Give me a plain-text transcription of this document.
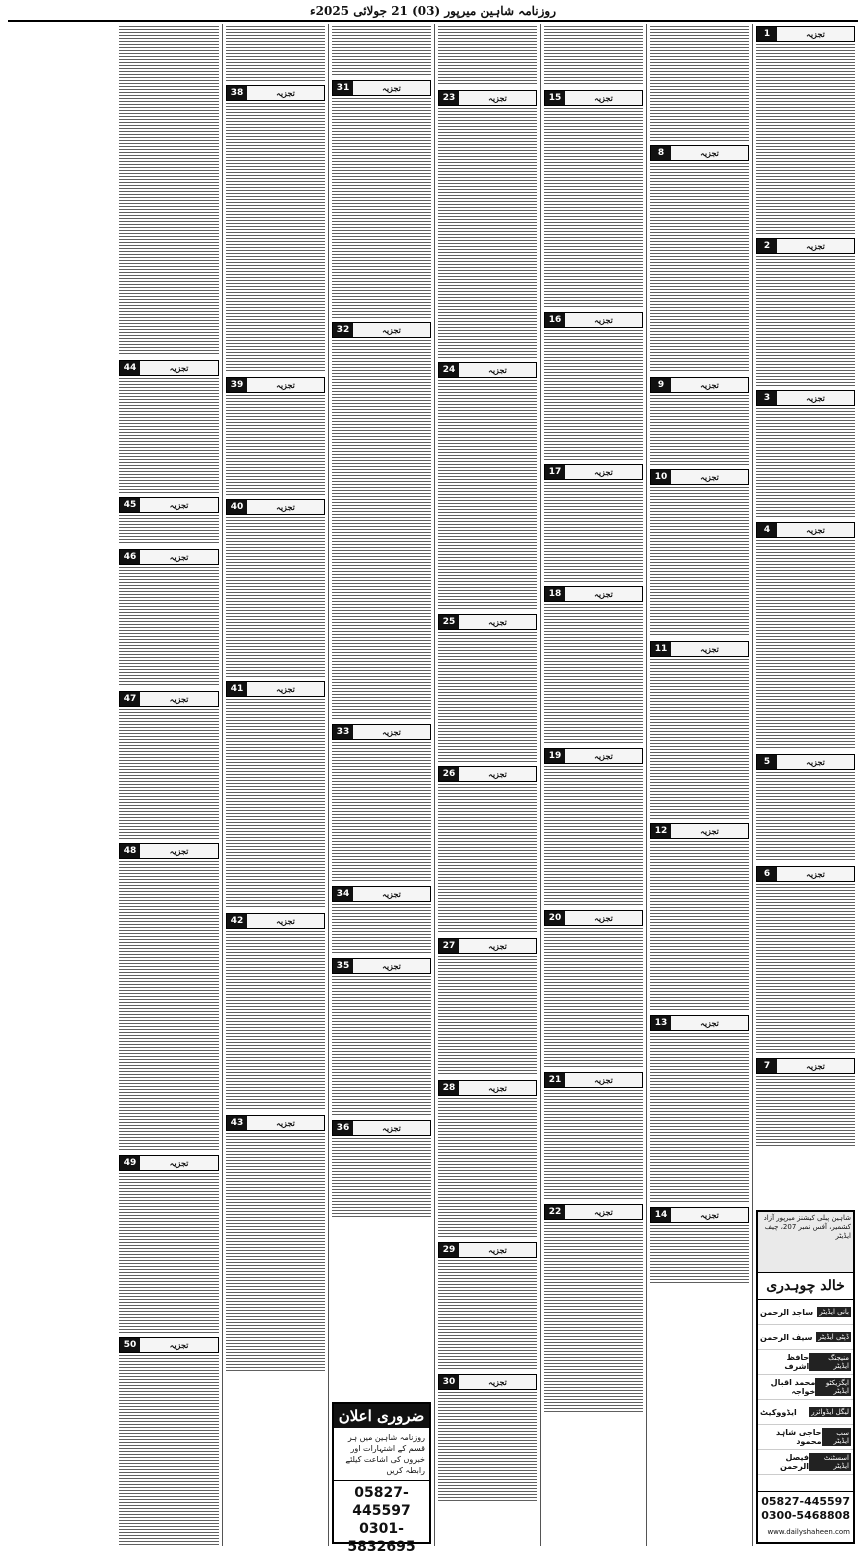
روزنامہ شاہین میرپور (03) 21 جولائی 2025ء
تجزیہ
1
تجزیہ
2
تجزیہ
3
تجزیہ
4
تجزیہ
5
تجزیہ
6
تجزیہ
7
شاہین پبلی کیشنز میرپور آزاد کشمیر، آفس نمبر 207، چیف ایڈیٹر
خالد چوہدری
بانی ایڈیٹر
ساجد الرحمن
ڈپٹی ایڈیٹر
سیف الرحمن
منیجنگ ایڈیٹر
حافظ اشرف
ایگزیکٹو ایڈیٹر
محمد اقبال خواجہ
لیگل ایڈوائزر
ایڈووکیٹ
سب ایڈیٹر
حاجی شاہد محمود
اسسٹنٹ ایڈیٹر
فیصل الرحمن
05827-445597
0300-5468808
www.dailyshaheen.com
تجزیہ
8
تجزیہ
9
تجزیہ
10
تجزیہ
11
تجزیہ
12
تجزیہ
13
تجزیہ
14
تجزیہ
15
تجزیہ
16
تجزیہ
17
تجزیہ
18
تجزیہ
19
تجزیہ
20
تجزیہ
21
تجزیہ
22
تجزیہ
23
تجزیہ
24
تجزیہ
25
تجزیہ
26
تجزیہ
27
تجزیہ
28
تجزیہ
29
تجزیہ
30
تجزیہ
31
تجزیہ
32
تجزیہ
33
تجزیہ
34
تجزیہ
35
تجزیہ
36
ضروری اعلان
روزنامہ شاہین میں ہر قسم کے اشتہارات اور خبروں کی اشاعت کیلئے رابطہ کریں
05827-445597
0301-5832695
تجزیہ
38
تجزیہ
39
تجزیہ
40
تجزیہ
41
تجزیہ
42
تجزیہ
43
تجزیہ
44
تجزیہ
45
تجزیہ
46
تجزیہ
47
تجزیہ
48
تجزیہ
49
تجزیہ
50
